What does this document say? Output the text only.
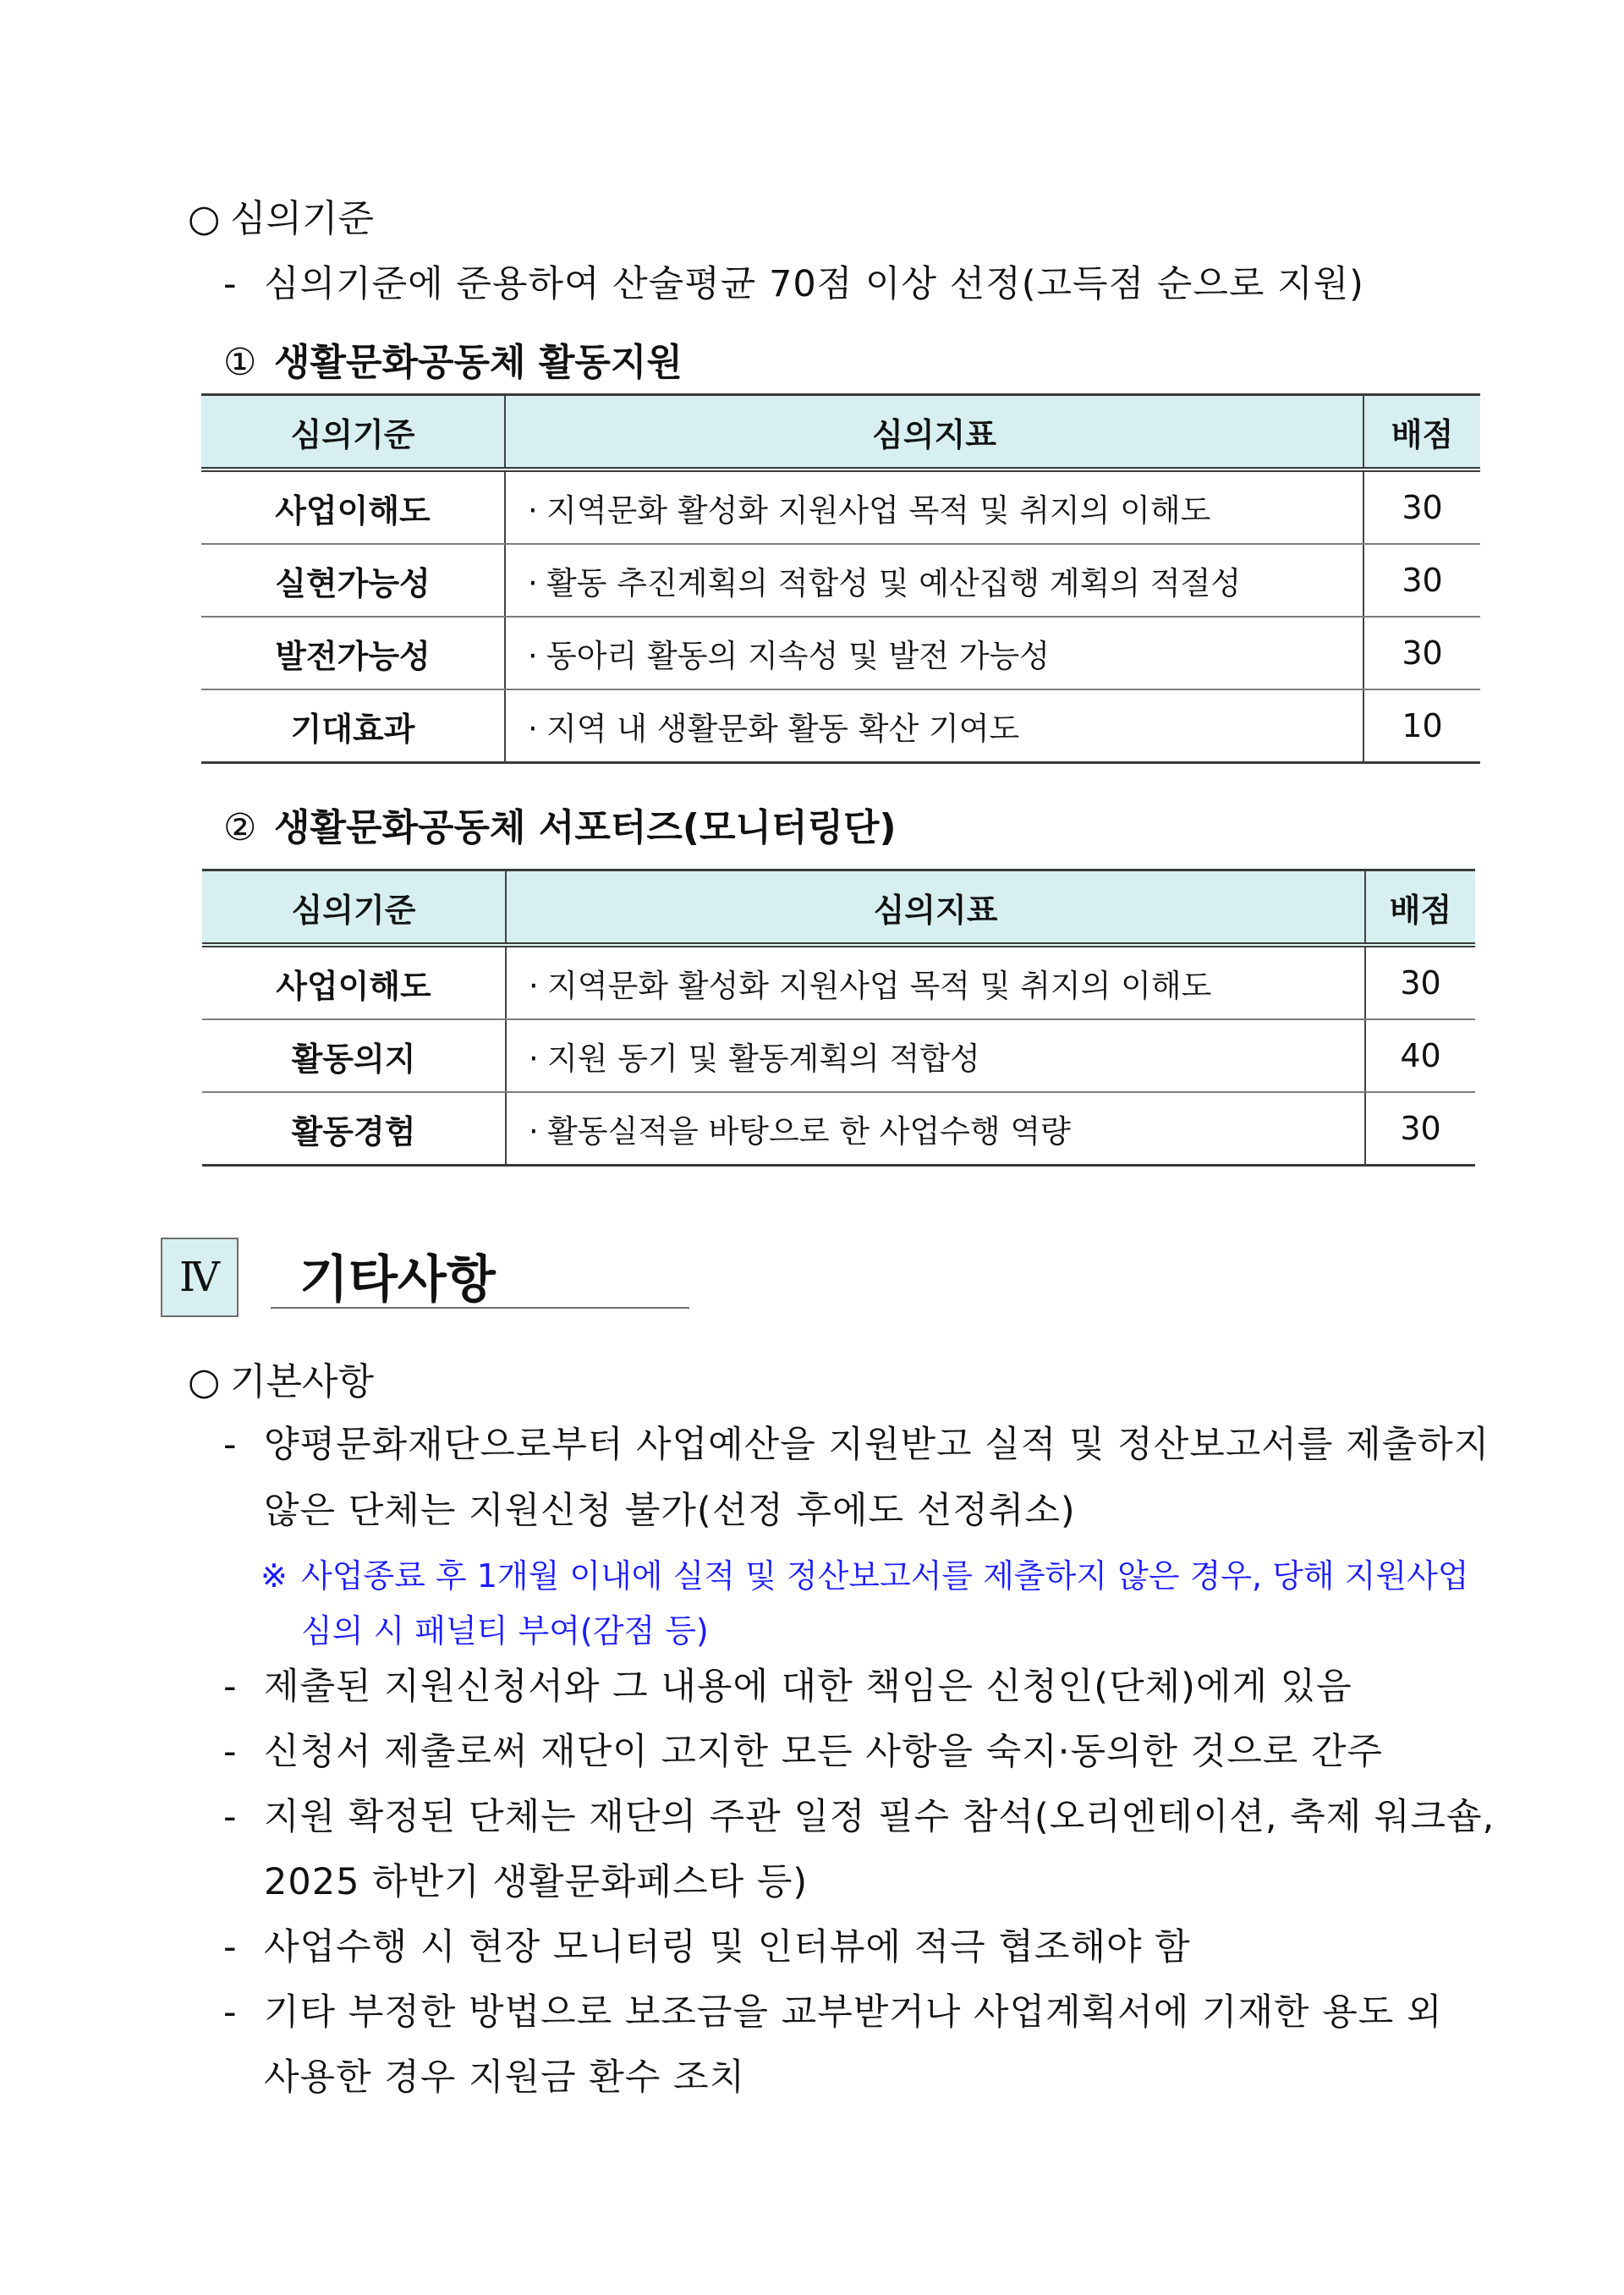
○ 심의기준
- 심의기준에 준용하여 산술평균 70점 이상 선정(고득점 순으로 지원)
① 생활문화공동체 활동지원
심의기준	심의지표	배점
사업이해도	· 지역문화 활성화 지원사업 목적 및 취지의 이해도	30
실현가능성	· 활동 추진계획의 적합성 및 예산집행 계획의 적절성	30
발전가능성	· 동아리 활동의 지속성 및 발전 가능성	30
기대효과	· 지역 내 생활문화 활동 확산 기여도	10
② 생활문화공동체 서포터즈(모니터링단)
심의기준	심의지표	배점
사업이해도	· 지역문화 활성화 지원사업 목적 및 취지의 이해도	30
활동의지	· 지원 동기 및 활동계획의 적합성	40
활동경험	· 활동실적을 바탕으로 한 사업수행 역량	30
Ⅳ 기타사항
○ 기본사항
- 양평문화재단으로부터 사업예산을 지원받고 실적 및 정산보고서를 제출하지
않은 단체는 지원신청 불가(선정 후에도 선정취소)
※ 사업종료 후 1개월 이내에 실적 및 정산보고서를 제출하지 않은 경우, 당해 지원사업
심의 시 패널티 부여(감점 등)
- 제출된 지원신청서와 그 내용에 대한 책임은 신청인(단체)에게 있음
- 신청서 제출로써 재단이 고지한 모든 사항을 숙지·동의한 것으로 간주
- 지원 확정된 단체는 재단의 주관 일정 필수 참석(오리엔테이션, 축제 워크숍,
2025 하반기 생활문화페스타 등)
- 사업수행 시 현장 모니터링 및 인터뷰에 적극 협조해야 함
- 기타 부정한 방법으로 보조금을 교부받거나 사업계획서에 기재한 용도 외
사용한 경우 지원금 환수 조치
